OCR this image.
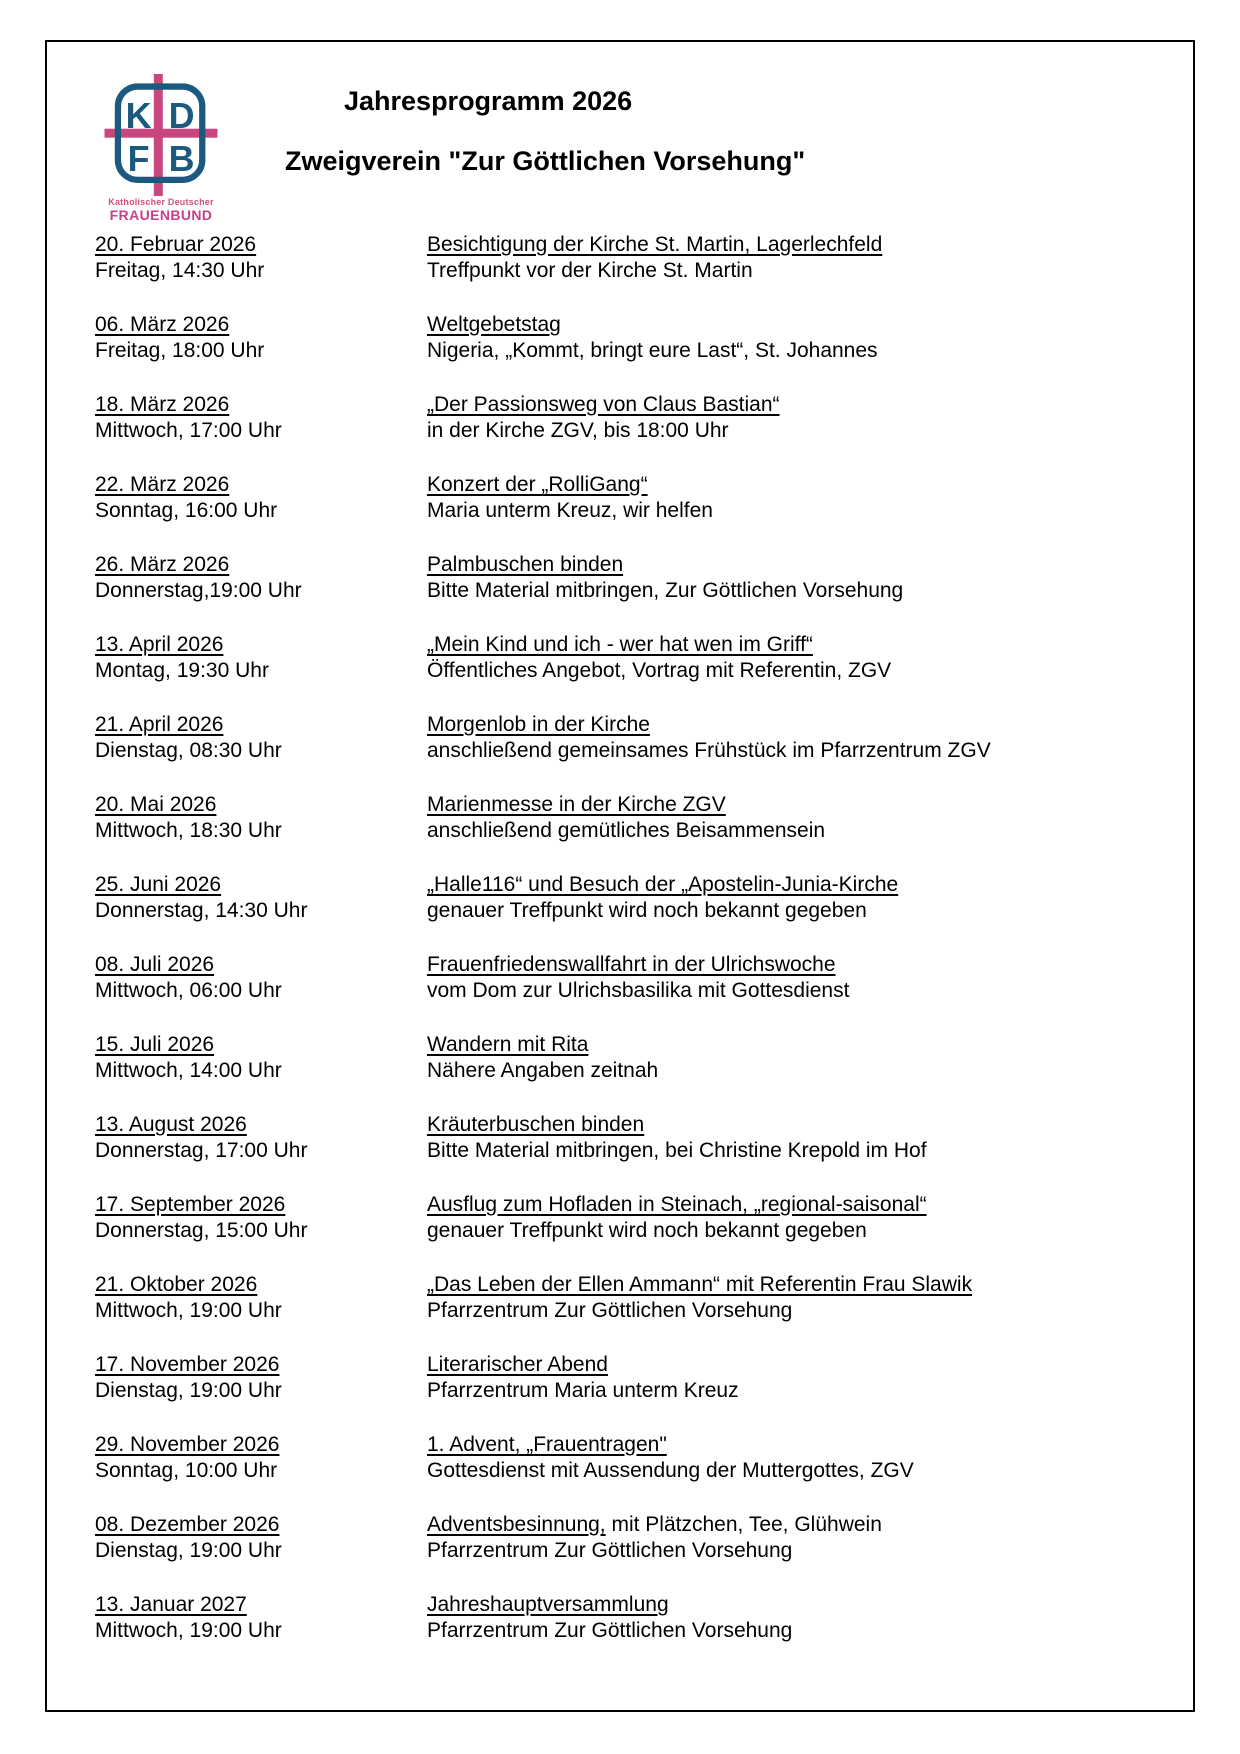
K D
F B
Katholischer Deutscher
FRAUENBUND
Jahresprogramm 2026
Zweigverein "Zur Göttlichen Vorsehung"
20. Februar 2026
Freitag, 14:30 Uhr
Besichtigung der Kirche St. Martin, Lagerlechfeld
Treffpunkt vor der Kirche St. Martin
06. März 2026
Freitag, 18:00 Uhr
Weltgebetstag
Nigeria, „Kommt, bringt eure Last“, St. Johannes
18. März 2026
Mittwoch, 17:00 Uhr
„Der Passionsweg von Claus Bastian“
in der Kirche ZGV, bis 18:00 Uhr
22. März 2026
Sonntag, 16:00 Uhr
Konzert der „RolliGang“
Maria unterm Kreuz, wir helfen
26. März 2026
Donnerstag,19:00 Uhr
Palmbuschen binden
Bitte Material mitbringen, Zur Göttlichen Vorsehung
13. April 2026
Montag, 19:30 Uhr
„Mein Kind und ich - wer hat wen im Griff“
Öffentliches Angebot, Vortrag mit Referentin, ZGV
21. April 2026
Dienstag, 08:30 Uhr
Morgenlob in der Kirche
anschließend gemeinsames Frühstück im Pfarrzentrum ZGV
20. Mai 2026
Mittwoch, 18:30 Uhr
Marienmesse in der Kirche ZGV
anschließend gemütliches Beisammensein
25. Juni 2026
Donnerstag, 14:30 Uhr
„Halle116“ und Besuch der „Apostelin-Junia-Kirche
genauer Treffpunkt wird noch bekannt gegeben
08. Juli 2026
Mittwoch, 06:00 Uhr
Frauenfriedenswallfahrt in der Ulrichswoche
vom Dom zur Ulrichsbasilika mit Gottesdienst
15. Juli 2026
Mittwoch, 14:00 Uhr
Wandern mit Rita
Nähere Angaben zeitnah
13. August 2026
Donnerstag, 17:00 Uhr
Kräuterbuschen binden
Bitte Material mitbringen, bei Christine Krepold im Hof
17. September 2026
Donnerstag, 15:00 Uhr
Ausflug zum Hofladen in Steinach, „regional-saisonal“
genauer Treffpunkt wird noch bekannt gegeben
21. Oktober 2026
Mittwoch, 19:00 Uhr
„Das Leben der Ellen Ammann“ mit Referentin Frau Slawik
Pfarrzentrum Zur Göttlichen Vorsehung
17. November 2026
Dienstag, 19:00 Uhr
Literarischer Abend
Pfarrzentrum Maria unterm Kreuz
29. November 2026
Sonntag, 10:00 Uhr
1. Advent, „Frauentragen"
Gottesdienst mit Aussendung der Muttergottes, ZGV
08. Dezember 2026
Dienstag, 19:00 Uhr
Adventsbesinnung, mit Plätzchen, Tee, Glühwein
Pfarrzentrum Zur Göttlichen Vorsehung
13. Januar 2027
Mittwoch, 19:00 Uhr
Jahreshauptversammlung
Pfarrzentrum Zur Göttlichen Vorsehung
